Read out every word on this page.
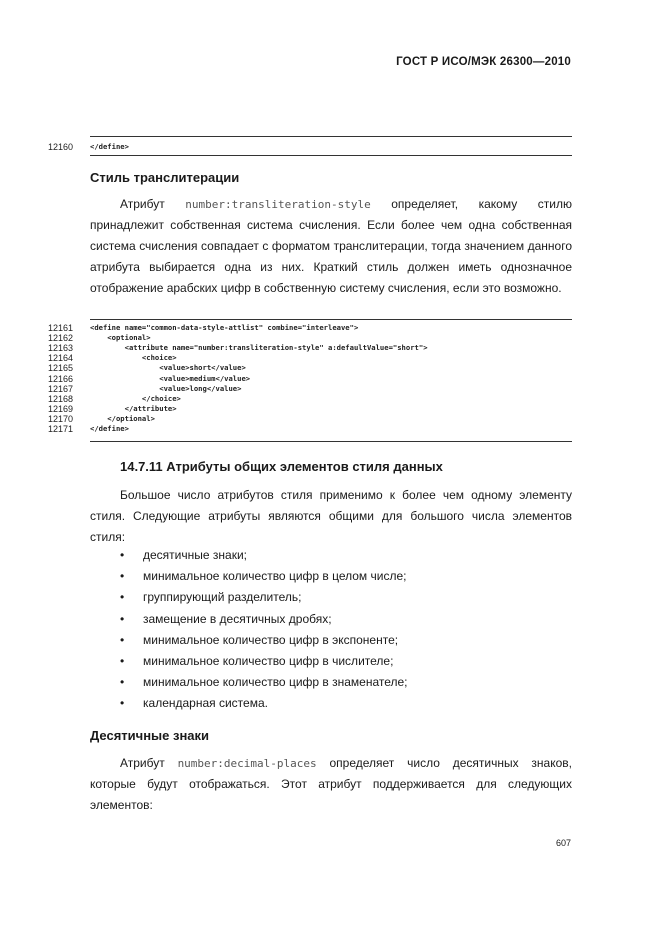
ГОСТ Р ИСО/МЭК 26300—2010
12160 </define>
Стиль транслитерации
Атрибут number:transliteration-style определяет, какому стилю принадлежит собственная система счисления. Если более чем одна собственная система счисления совпадает с форматом транслитерации, тогда значением данного атрибута выбирается одна из них. Краткий стиль должен иметь однозначное отображение арабских цифр в собственную систему счисления, если это возможно.
12161 <define name="common-data-style-attlist" combine="interleave">
12162 <optional>
12163 <attribute name="number:transliteration-style" a:defaultValue="short">
12164 <choice>
12165 <value>short</value>
12166 <value>medium</value>
12167 <value>long</value>
12168 </choice>
12169 </attribute>
12170 </optional>
12171 </define>
14.7.11 Атрибуты общих элементов стиля данных
Большое число атрибутов стиля применимо к более чем одному элементу стиля. Следующие атрибуты являются общими для большого числа элементов стиля:
• десятичные знаки;
• минимальное количество цифр в целом числе;
• группирующий разделитель;
• замещение в десятичных дробях;
• минимальное количество цифр в экспоненте;
• минимальное количество цифр в числителе;
• минимальное количество цифр в знаменателе;
• календарная система.
Десятичные знаки
Атрибут number:decimal-places определяет число десятичных знаков, которые будут отображаться. Этот атрибут поддерживается для следующих элементов:
607
